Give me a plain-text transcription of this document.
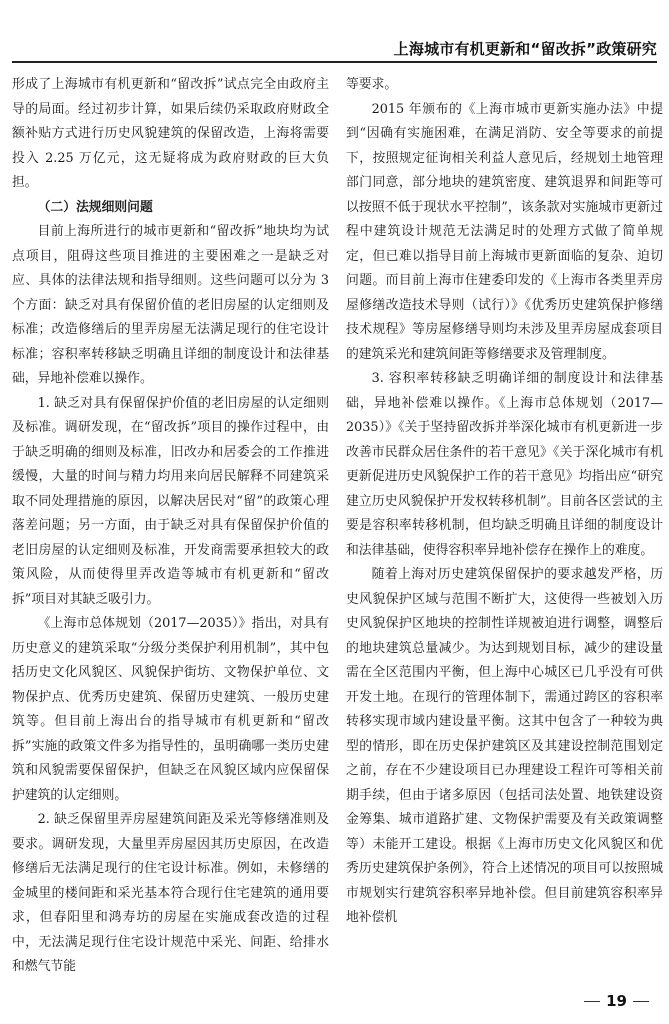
上海城市有机更新和“留改拆”政策研究

形成了上海城市有机更新和“留改拆”试点完全由政府主导的局面。经过初步计算，如果后续仍采取政府财政全额补贴方式进行历史风貌建筑的保留改造，上海将需要投入 2.25 万亿元，这无疑将成为政府财政的巨大负担。

（二）法规细则问题

目前上海所进行的城市更新和“留改拆”地块均为试点项目，阻碍这些项目推进的主要困难之一是缺乏对应、具体的法律法规和指导细则。这些问题可以分为 3 个方面：缺乏对具有保留价值的老旧房屋的认定细则及标准；改造修缮后的里弄房屋无法满足现行的住宅设计标准；容积率转移缺乏明确且详细的制度设计和法律基础，异地补偿难以操作。

1. 缺乏对具有保留保护价值的老旧房屋的认定细则及标准。调研发现，在“留改拆”项目的操作过程中，由于缺乏明确的细则及标准，旧改办和居委会的工作推进缓慢，大量的时间与精力均用来向居民解释不同建筑采取不同处理措施的原因，以解决居民对“留”的政策心理落差问题；另一方面，由于缺乏对具有保留保护价值的老旧房屋的认定细则及标准，开发商需要承担较大的政策风险，从而使得里弄改造等城市有机更新和“留改拆”项目对其缺乏吸引力。

《上海市总体规划（2017—2035）》指出，对具有历史意义的建筑采取“分级分类保护利用机制”，其中包括历史文化风貌区、风貌保护街坊、文物保护单位、文物保护点、优秀历史建筑、保留历史建筑、一般历史建筑等。但目前上海出台的指导城市有机更新和“留改拆”实施的政策文件多为指导性的，虽明确哪一类历史建筑和风貌需要保留保护，但缺乏在风貌区域内应保留保护建筑的认定细则。

2. 缺乏保留里弄房屋建筑间距及采光等修缮准则及要求。调研发现，大量里弄房屋因其历史原因，在改造修缮后无法满足现行的住宅设计标准。例如，未修缮的金城里的楼间距和采光基本符合现行住宅建筑的通用要求，但春阳里和鸿寿坊的房屋在实施成套改造的过程中，无法满足现行住宅设计规范中采光、间距、给排水和燃气节能

等要求。

2015 年颁布的《上海市城市更新实施办法》中提到“因确有实施困难，在满足消防、安全等要求的前提下，按照规定征询相关利益人意见后，经规划土地管理部门同意，部分地块的建筑密度、建筑退界和间距等可以按照不低于现状水平控制”，该条款对实施城市更新过程中建筑设计规范无法满足时的处理方式做了简单规定，但已难以指导目前上海城市更新面临的复杂、迫切问题。而目前上海市住建委印发的《上海市各类里弄房屋修缮改造技术导则（试行）》《优秀历史建筑保护修缮技术规程》等房屋修缮导则均未涉及里弄房屋成套项目的建筑采光和建筑间距等修缮要求及管理制度。

3. 容积率转移缺乏明确详细的制度设计和法律基础，异地补偿难以操作。《上海市总体规划（2017—2035）》《关于坚持留改拆并举深化城市有机更新进一步改善市民群众居住条件的若干意见》《关于深化城市有机更新促进历史风貌保护工作的若干意见》均指出应“研究建立历史风貌保护开发权转移机制”。目前各区尝试的主要是容积率转移机制，但均缺乏明确且详细的制度设计和法律基础，使得容积率异地补偿存在操作上的难度。

随着上海对历史建筑保留保护的要求越发严格，历史风貌保护区域与范围不断扩大，这使得一些被划入历史风貌保护区地块的控制性详规被迫进行调整，调整后的地块建筑总量减少。为达到规划目标，减少的建设量需在全区范围内平衡，但上海中心城区已几乎没有可供开发土地。在现行的管理体制下，需通过跨区的容积率转移实现市域内建设量平衡。这其中包含了一种较为典型的情形，即在历史保护建筑区及其建设控制范围划定之前，存在不少建设项目已办理建设工程许可等相关前期手续，但由于诸多原因（包括司法处置、地铁建设资金筹集、城市道路扩建、文物保护需要及有关政策调整等）未能开工建设。根据《上海市历史文化风貌区和优秀历史建筑保护条例》，符合上述情况的项目可以按照城市规划实行建筑容积率异地补偿。但目前建筑容积率异地补偿机

19
